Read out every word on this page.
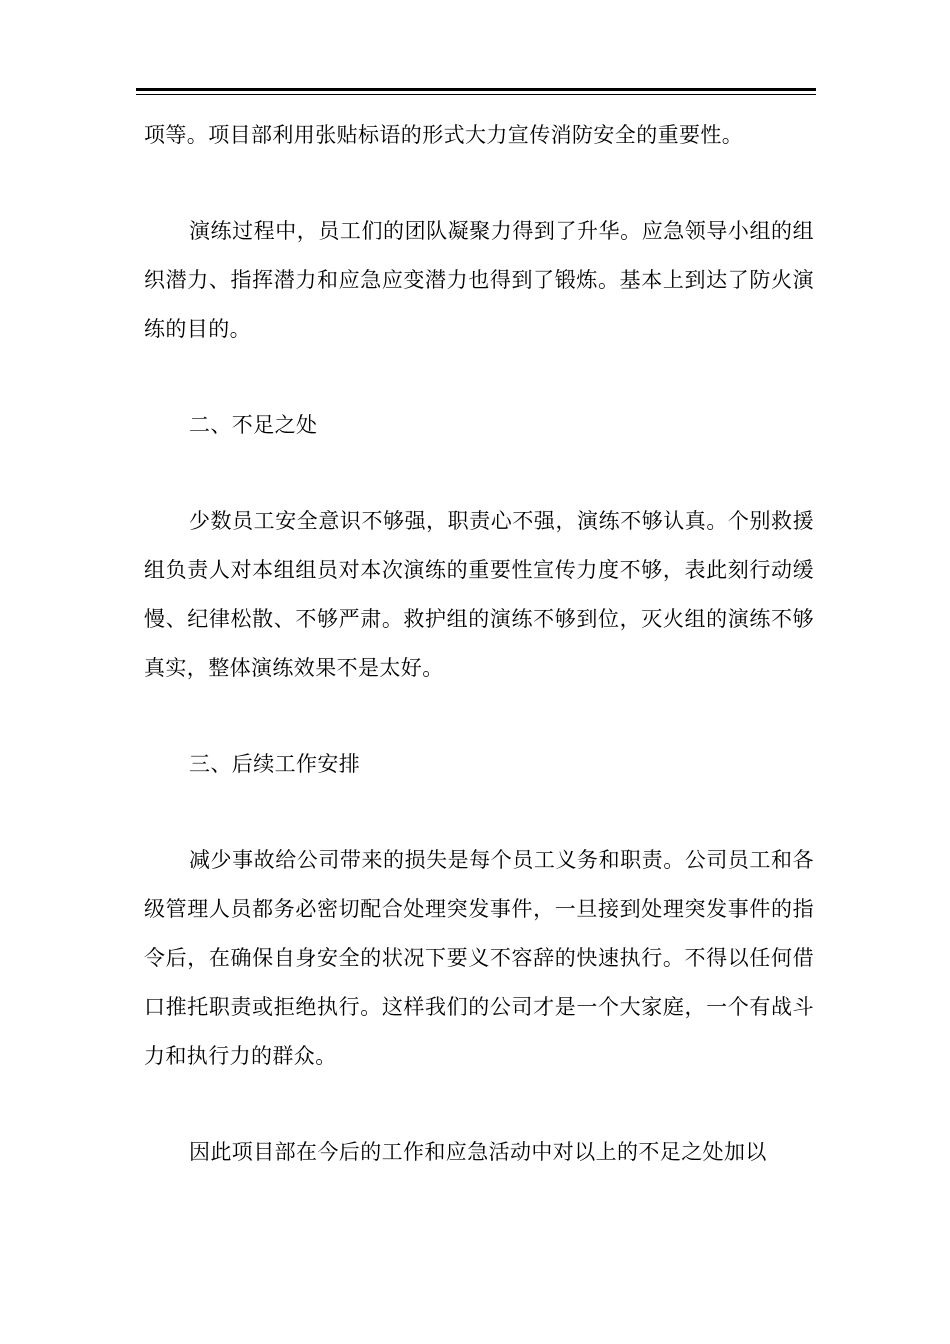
项等。项目部利用张贴标语的形式大力宣传消防安全的重要性。

演练过程中，员工们的团队凝聚力得到了升华。应急领导小组的组织潜力、指挥潜力和应急应变潜力也得到了锻炼。基本上到达了防火演练的目的。

二、不足之处

少数员工安全意识不够强，职责心不强，演练不够认真。个别救援组负责人对本组组员对本次演练的重要性宣传力度不够，表此刻行动缓慢、纪律松散、不够严肃。救护组的演练不够到位，灭火组的演练不够真实，整体演练效果不是太好。

三、后续工作安排

减少事故给公司带来的损失是每个员工义务和职责。公司员工和各级管理人员都务必密切配合处理突发事件，一旦接到处理突发事件的指令后，在确保自身安全的状况下要义不容辞的快速执行。不得以任何借口推托职责或拒绝执行。这样我们的公司才是一个大家庭，一个有战斗力和执行力的群众。

因此项目部在今后的工作和应急活动中对以上的不足之处加以
